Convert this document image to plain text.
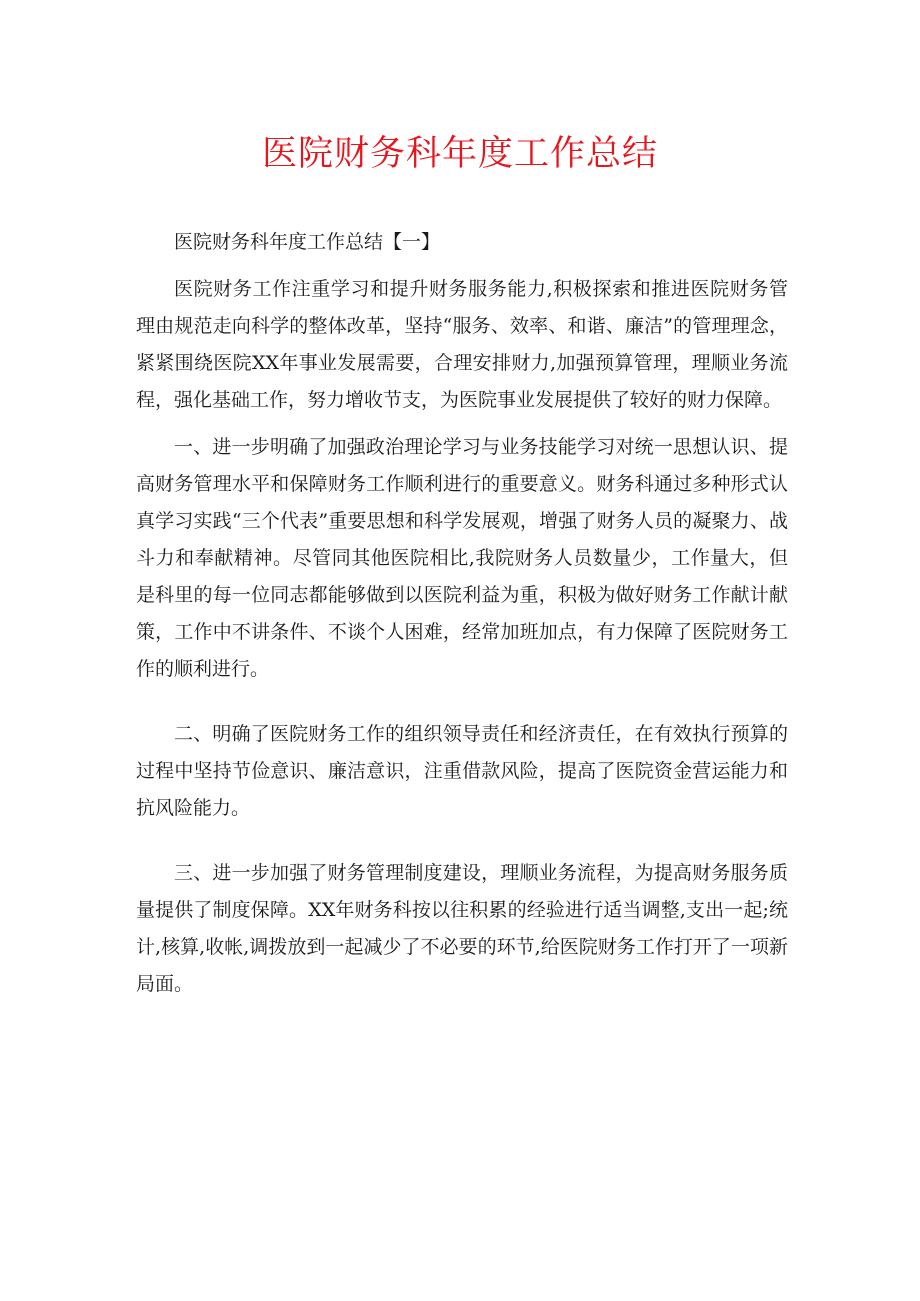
医院财务科年度工作总结

医院财务科年度工作总结【一】

医院财务工作注重学习和提升财务服务能力,积极探索和推进医院财务管理由规范走向科学的整体改革，坚持“服务、效率、和谐、廉洁”的管理理念，紧紧围绕医院XX年事业发展需要，合理安排财力,加强预算管理，理顺业务流程，强化基础工作，努力增收节支，为医院事业发展提供了较好的财力保障。

一、进一步明确了加强政治理论学习与业务技能学习对统一思想认识、提高财务管理水平和保障财务工作顺利进行的重要意义。财务科通过多种形式认真学习实践“三个代表”重要思想和科学发展观，增强了财务人员的凝聚力、战斗力和奉献精神。尽管同其他医院相比,我院财务人员数量少，工作量大，但是科里的每一位同志都能够做到以医院利益为重，积极为做好财务工作献计献策，工作中不讲条件、不谈个人困难，经常加班加点，有力保障了医院财务工作的顺利进行。

二、明确了医院财务工作的组织领导责任和经济责任，在有效执行预算的过程中坚持节俭意识、廉洁意识，注重借款风险，提高了医院资金营运能力和抗风险能力。

三、进一步加强了财务管理制度建设，理顺业务流程，为提高财务服务质量提供了制度保障。XX年财务科按以往积累的经验进行适当调整,支出一起;统计,核算,收帐,调拨放到一起减少了不必要的环节,给医院财务工作打开了一项新局面。
